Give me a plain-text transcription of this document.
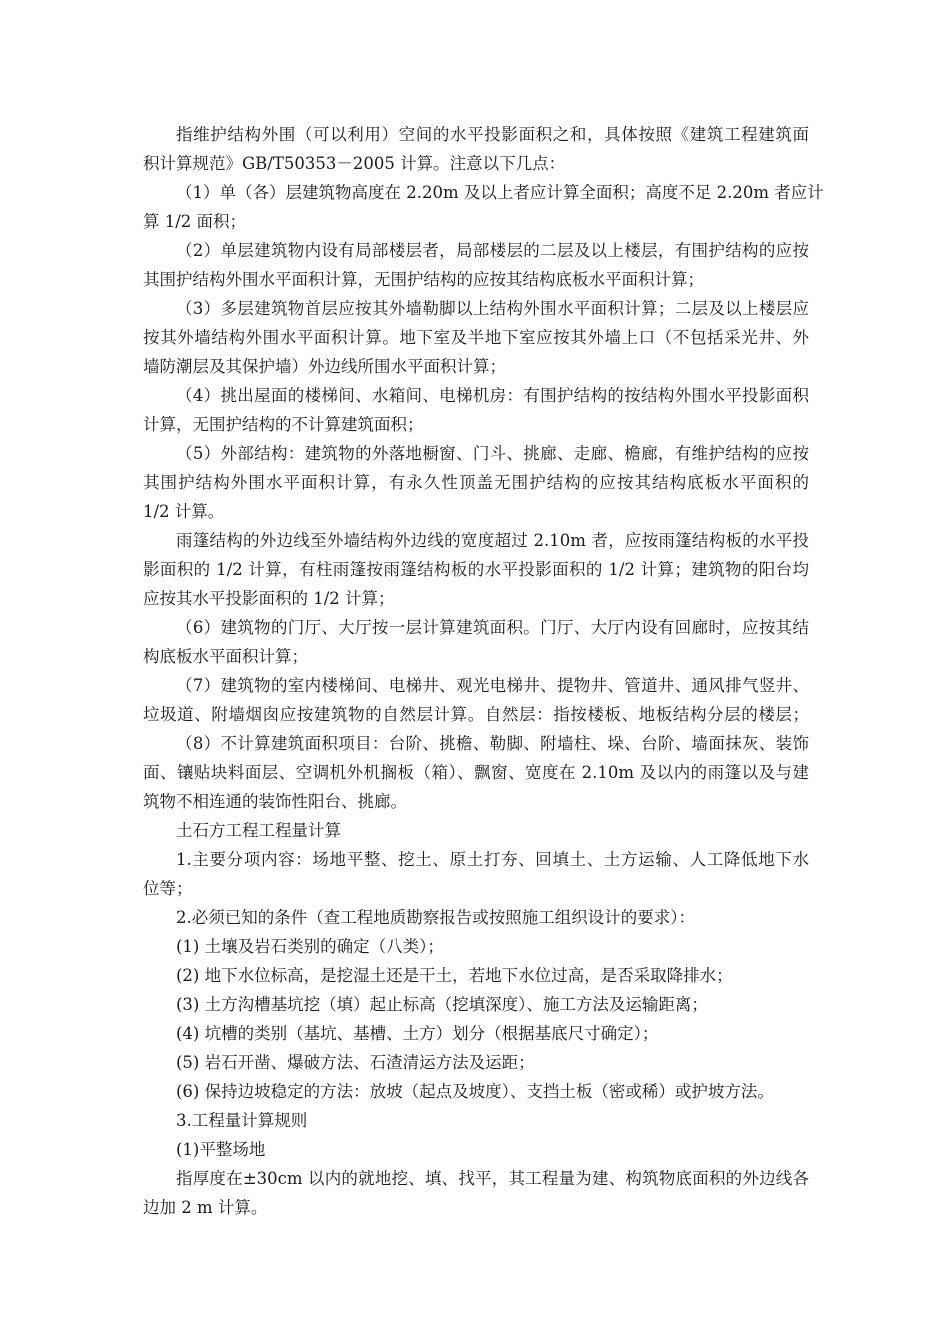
指维护结构外围（可以利用）空间的水平投影面积之和，具体按照《建筑工程建筑面
积计算规范》GB/T50353－2005 计算。注意以下几点：
（1）单（各）层建筑物高度在 2.20m 及以上者应计算全面积；高度不足 2.20m 者应计
算 1/2 面积；
（2）单层建筑物内设有局部楼层者，局部楼层的二层及以上楼层，有围护结构的应按
其围护结构外围水平面积计算，无围护结构的应按其结构底板水平面积计算；
（3）多层建筑物首层应按其外墙勒脚以上结构外围水平面积计算；二层及以上楼层应
按其外墙结构外围水平面积计算。地下室及半地下室应按其外墙上口（不包括采光井、外
墙防潮层及其保护墙）外边线所围水平面积计算；
（4）挑出屋面的楼梯间、水箱间、电梯机房：有围护结构的按结构外围水平投影面积
计算，无围护结构的不计算建筑面积；
（5）外部结构：建筑物的外落地橱窗、门斗、挑廊、走廊、檐廊，有维护结构的应按
其围护结构外围水平面积计算，有永久性顶盖无围护结构的应按其结构底板水平面积的
1/2 计算。
雨篷结构的外边线至外墙结构外边线的宽度超过 2.10m 者，应按雨篷结构板的水平投
影面积的 1/2 计算，有柱雨篷按雨篷结构板的水平投影面积的 1/2 计算；建筑物的阳台均
应按其水平投影面积的 1/2 计算；
（6）建筑物的门厅、大厅按一层计算建筑面积。门厅、大厅内设有回廊时，应按其结
构底板水平面积计算；
（7）建筑物的室内楼梯间、电梯井、观光电梯井、提物井、管道井、通风排气竖井、
垃圾道、附墙烟囱应按建筑物的自然层计算。自然层：指按楼板、地板结构分层的楼层；
（8）不计算建筑面积项目：台阶、挑檐、勒脚、附墙柱、垛、台阶、墙面抹灰、装饰
面、镶贴块料面层、空调机外机搁板（箱）、飘窗、宽度在 2.10m 及以内的雨篷以及与建
筑物不相连通的装饰性阳台、挑廊。
土石方工程工程量计算
1.主要分项内容：场地平整、挖土、原土打夯、回填土、土方运输、人工降低地下水
位等；
2.必须已知的条件（查工程地质勘察报告或按照施工组织设计的要求）：
(1) 土壤及岩石类别的确定（八类）；
(2) 地下水位标高，是挖湿土还是干土，若地下水位过高，是否采取降排水；
(3) 土方沟槽基坑挖（填）起止标高（挖填深度）、施工方法及运输距离；
(4) 坑槽的类别（基坑、基槽、土方）划分（根据基底尺寸确定）；
(5) 岩石开凿、爆破方法、石渣清运方法及运距；
(6) 保持边坡稳定的方法：放坡（起点及坡度）、支挡土板（密或稀）或护坡方法。
3.工程量计算规则
(1)平整场地
指厚度在±30cm 以内的就地挖、填、找平，其工程量为建、构筑物底面积的外边线各
边加 2 m 计算。
